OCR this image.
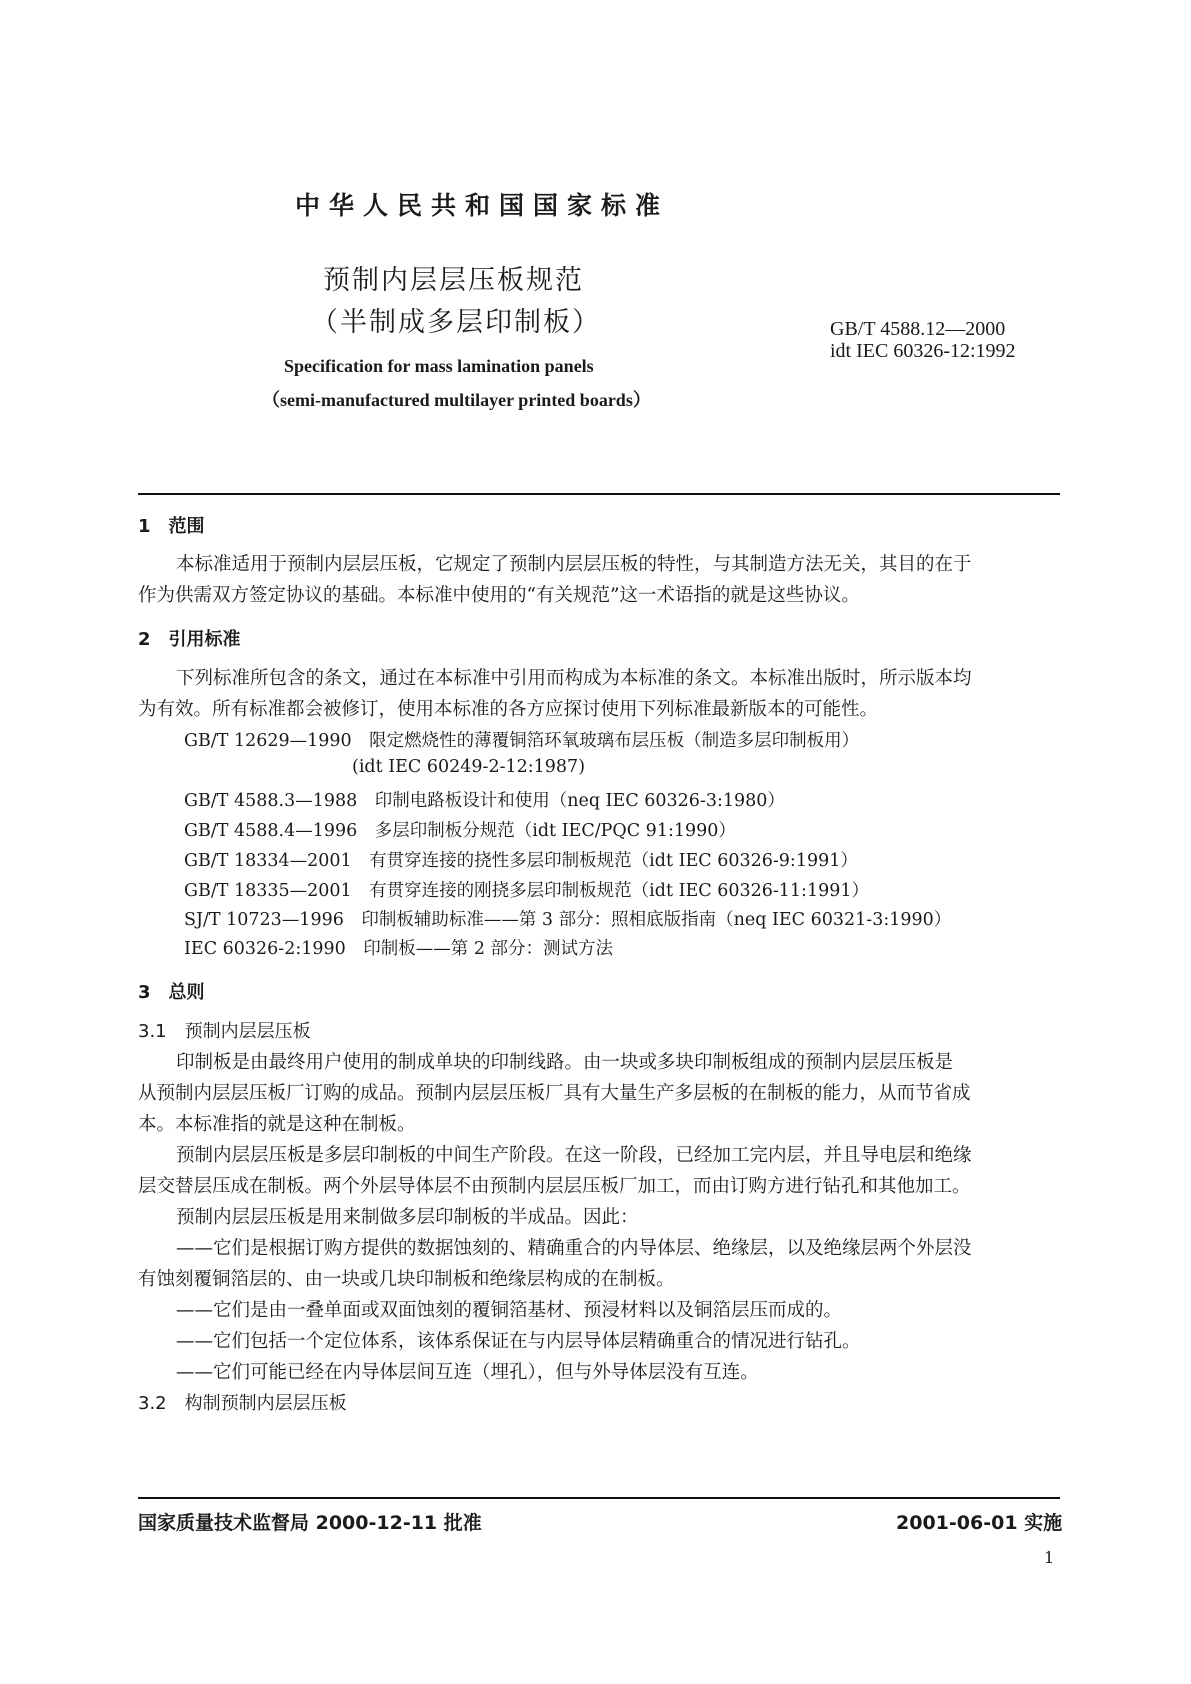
中华人民共和国国家标准
预制内层层压板规范
（半制成多层印制板）	GB/T 4588.12—2000
idt IEC 60326-12:1992
Specification for mass lamination panels
（semi-manufactured multilayer printed boards）
1　范围
本标准适用于预制内层层压板，它规定了预制内层层压板的特性，与其制造方法无关，其目的在于
作为供需双方签定协议的基础。本标准中使用的“有关规范”这一术语指的就是这些协议。
2　引用标准
下列标准所包含的条文，通过在本标准中引用而构成为本标准的条文。本标准出版时，所示版本均
为有效。所有标准都会被修订，使用本标准的各方应探讨使用下列标准最新版本的可能性。
GB/T 12629—1990　限定燃烧性的薄覆铜箔环氧玻璃布层压板（制造多层印制板用）
(idt IEC 60249-2-12:1987)
GB/T 4588.3—1988　印制电路板设计和使用（neq IEC 60326-3:1980）
GB/T 4588.4—1996　多层印制板分规范（idt IEC/PQC 91:1990）
GB/T 18334—2001　有贯穿连接的挠性多层印制板规范（idt IEC 60326-9:1991）
GB/T 18335—2001　有贯穿连接的刚挠多层印制板规范（idt IEC 60326-11:1991）
SJ/T 10723—1996　印制板辅助标准——第 3 部分：照相底版指南（neq IEC 60321-3:1990）
IEC 60326-2:1990　印制板——第 2 部分：测试方法
3　总则
3.1　预制内层层压板
印制板是由最终用户使用的制成单块的印制线路。由一块或多块印制板组成的预制内层层压板是
从预制内层层压板厂订购的成品。预制内层层压板厂具有大量生产多层板的在制板的能力，从而节省成
本。本标准指的就是这种在制板。
预制内层层压板是多层印制板的中间生产阶段。在这一阶段，已经加工完内层，并且导电层和绝缘
层交替层压成在制板。两个外层导体层不由预制内层层压板厂加工，而由订购方进行钻孔和其他加工。
预制内层层压板是用来制做多层印制板的半成品。因此：
——它们是根据订购方提供的数据蚀刻的、精确重合的内导体层、绝缘层，以及绝缘层两个外层没
有蚀刻覆铜箔层的、由一块或几块印制板和绝缘层构成的在制板。
——它们是由一叠单面或双面蚀刻的覆铜箔基材、预浸材料以及铜箔层压而成的。
——它们包括一个定位体系，该体系保证在与内层导体层精确重合的情况进行钻孔。
——它们可能已经在内导体层间互连（埋孔），但与外导体层没有互连。
3.2　构制预制内层层压板
国家质量技术监督局 2000-12-11 批准	2001-06-01 实施
1
